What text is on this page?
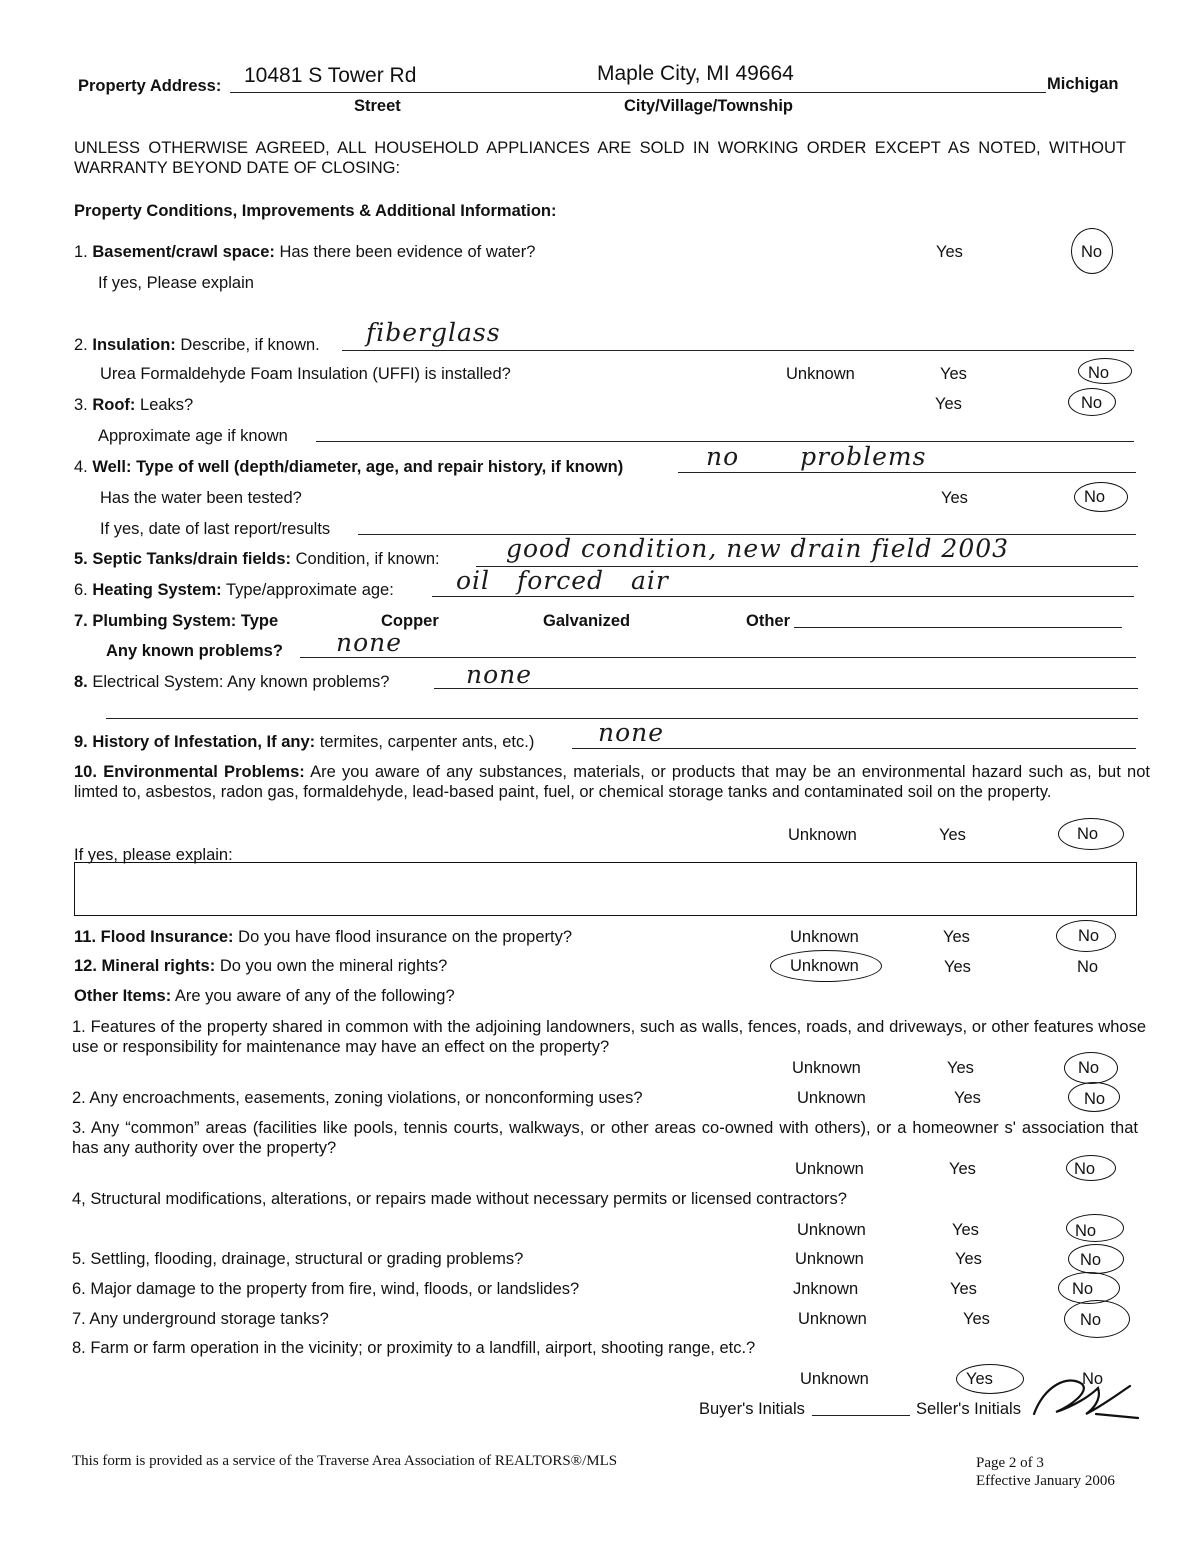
Property Address: 10481 S Tower Rd	Maple City, MI 49664	Michigan
Street	City/Village/Township
UNLESS OTHERWISE AGREED, ALL HOUSEHOLD APPLIANCES ARE SOLD IN WORKING ORDER EXCEPT AS NOTED, WITHOUT WARRANTY BEYOND DATE OF CLOSING:
Property Conditions, Improvements & Additional Information:
1. Basement/crawl space: Has there been evidence of water?	Yes	No
If yes, Please explain
2. Insulation: Describe, if known. fiberglass
Urea Formaldehyde Foam Insulation (UFFI) is installed?	Unknown	Yes	No
3. Roof: Leaks?	Yes	No
Approximate age if known
4. Well: Type of well (depth/diameter, age, and repair history, if known)	no problems
Has the water been tested?	Yes	No
If yes, date of last report/results
5. Septic Tanks/drain fields: Condition, if known:	good condition, new drain field 2003
6. Heating System: Type/approximate age: oil forced air
7. Plumbing System: Type	Copper	Galvanized	Other
Any known problems? none
8. Electrical System: Any known problems?	none
9. History of Infestation, If any: termites, carpenter ants, etc.)	none
10. Environmental Problems: Are you aware of any substances, materials, or products that may be an environmental hazard such as, but not limted to, asbestos, radon gas, formaldehyde, lead-based paint, fuel, or chemical storage tanks and contaminated soil on the property.
Unknown	Yes	No
If yes, please explain:
11. Flood Insurance: Do you have flood insurance on the property?	Unknown	Yes	No
12. Mineral rights: Do you own the mineral rights?	Unknown	Yes	No
Other Items: Are you aware of any of the following?
1. Features of the property shared in common with the adjoining landowners, such as walls, fences, roads, and driveways, or other features whose use or responsibility for maintenance may have an effect on the property?
Unknown	Yes	No
2. Any encroachments, easements, zoning violations, or nonconforming uses?	Unknown	Yes	No
3. Any “common” areas (facilities like pools, tennis courts, walkways, or other areas co-owned with others), or a homeowner s' association that has any authority over the property?
Unknown	Yes	No
4, Structural modifications, alterations, or repairs made without necessary permits or licensed contractors?
Unknown	Yes	No
5. Settling, flooding, drainage, structural or grading problems?	Unknown	Yes	No
6. Major damage to the property from fire, wind, floods, or landslides?	Jnknown	Yes	No
7. Any underground storage tanks?	Unknown	Yes	No
8. Farm or farm operation in the vicinity; or proximity to a landfill, airport, shooting range, etc.?
Unknown	Yes	No
Buyer's Initials	Seller's Initials
This form is provided as a service of the Traverse Area Association of REALTORS®/MLS	Page 2 of 3
Effective January 2006
